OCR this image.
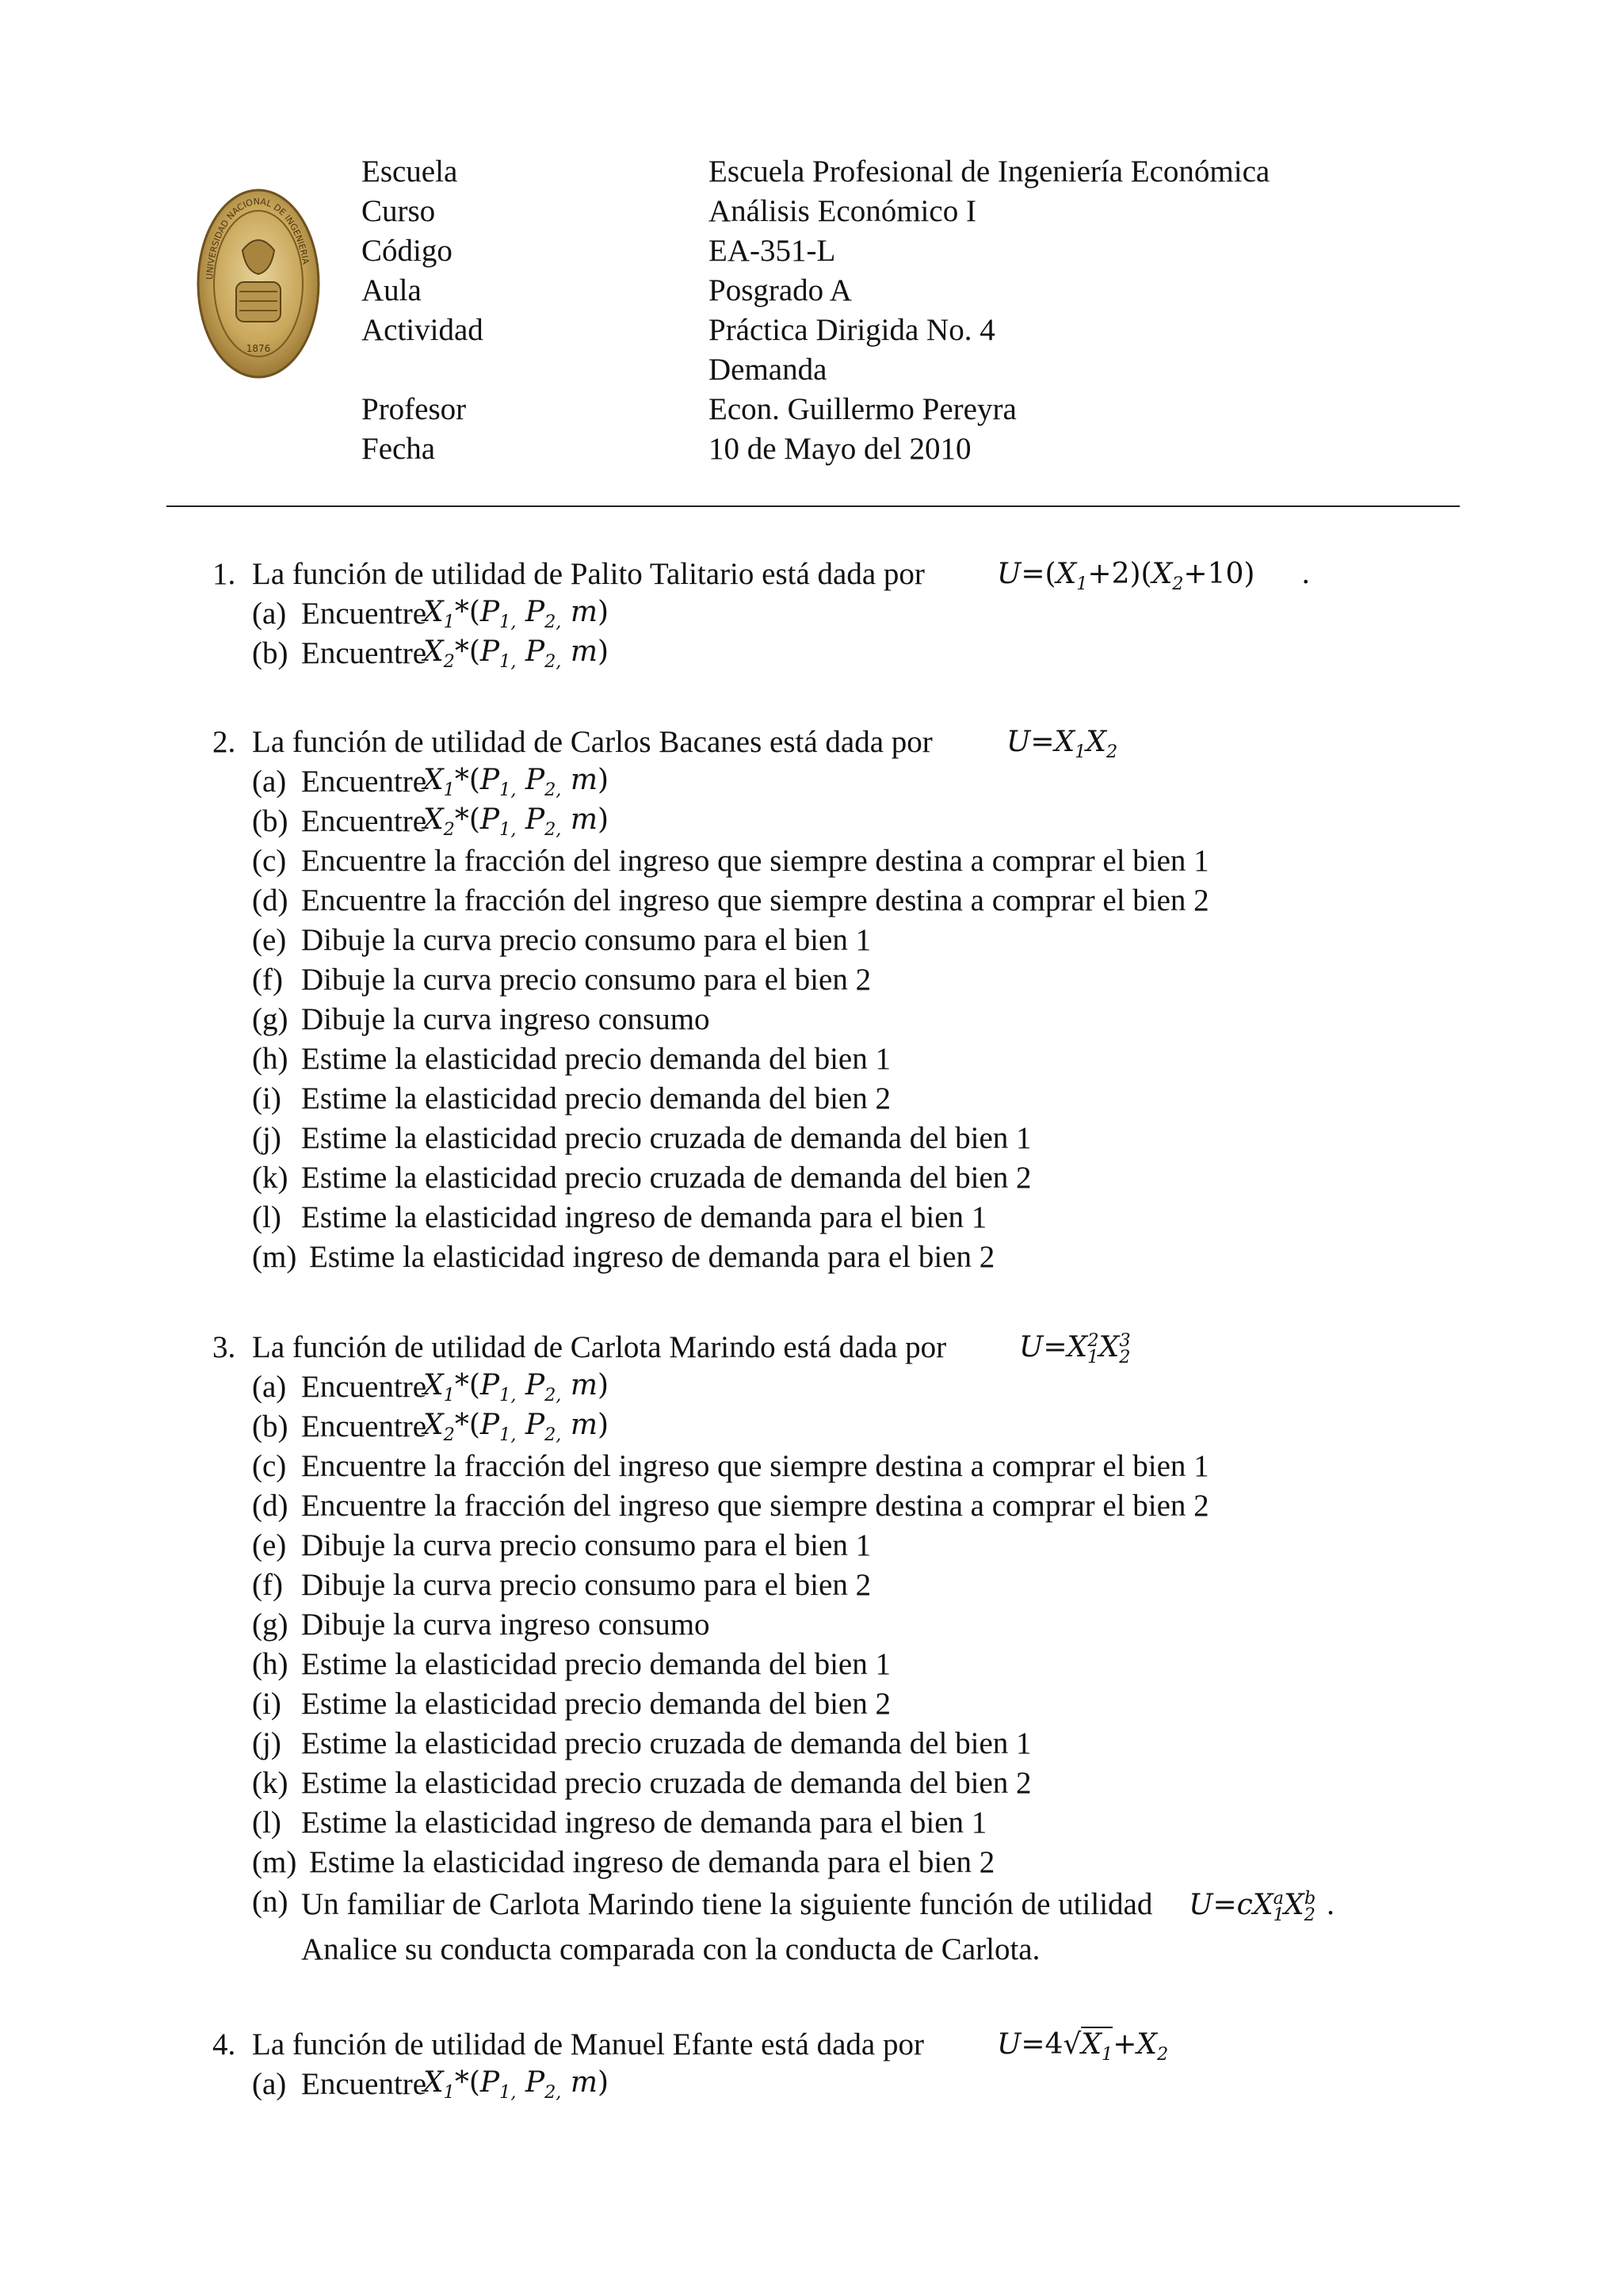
UNIVERSIDAD NACIONAL DE INGENIERIA
1876
Escuela	Escuela Profesional de Ingeniería Económica
Curso	Análisis Económico I
Código	EA-351-L
Aula	Posgrado A
Actividad	Práctica Dirigida No. 4
Demanda
Profesor	Econ. Guillermo Pereyra
Fecha	10 de Mayo del 2010
1. La función de utilidad de Palito Talitario está dada por	$U=(X_1+2)(X_2+10)$ .
(a) Encuentre
$X_1*(P_{1,}$ $P_{2,}$ m)
(b) Encuentre
$X_2*(P_{1,}$ $P_{2,}$ m)
2. La función de utilidad de Carlos Bacanes está dada por	$U=X_1X_2$
(a) Encuentre
$X_1*(P_{1,}$ $P_{2,}$ m)
(b) Encuentre
$X_2*(P_{1,}$ $P_{2,}$ m)
(c) Encuentre la fracción del ingreso que siempre destina a comprar el bien 1
(d) Encuentre la fracción del ingreso que siempre destina a comprar el bien 2
(e) Dibuje la curva precio consumo para el bien 1
(f) Dibuje la curva precio consumo para el bien 2
(g) Dibuje la curva ingreso consumo
(h) Estime la elasticidad precio demanda del bien 1
(i) Estime la elasticidad precio demanda del bien 2
(j) Estime la elasticidad precio cruzada de demanda del bien 1
(k) Estime la elasticidad precio cruzada de demanda del bien 2
(l) Estime la elasticidad ingreso de demanda para el bien 1
(m) Estime la elasticidad ingreso de demanda para el bien 2
3. La función de utilidad de Carlota Marindo está dada por	$U=X_1^2X_2^3$
(a) Encuentre
$X_1*(P_{1,}$ $P_{2,}$ m)
(b) Encuentre
$X_2*(P_{1,}$ $P_{2,}$ m)
(c) Encuentre la fracción del ingreso que siempre destina a comprar el bien 1
(d) Encuentre la fracción del ingreso que siempre destina a comprar el bien 2
(e) Dibuje la curva precio consumo para el bien 1
(f) Dibuje la curva precio consumo para el bien 2
(g) Dibuje la curva ingreso consumo
(h) Estime la elasticidad precio demanda del bien 1
(i) Estime la elasticidad precio demanda del bien 2
(j) Estime la elasticidad precio cruzada de demanda del bien 1
(k) Estime la elasticidad precio cruzada de demanda del bien 2
(l) Estime la elasticidad ingreso de demanda para el bien 1
(m) Estime la elasticidad ingreso de demanda para el bien 2
(n) Un familiar de Carlota Marindo tiene la siguiente función de utilidad    $U=cX_1^aX_2^b$ .
Analice su conducta comparada con la conducta de Carlota.
4. La función de utilidad de Manuel Efante está dada por	$U=4√X_1+X_2$
(a) Encuentre
$X_1*(P_{1,}$ $P_{2,}$ m)
